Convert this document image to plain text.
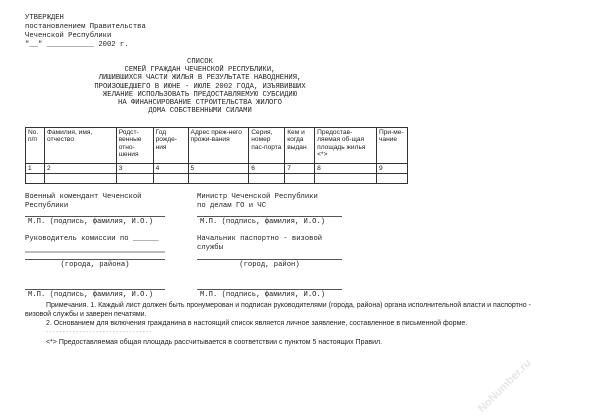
NoNumber.ru
УТВЕРЖДЕН
постановлением Правительства
Чеченской Республики
"__" ___________ 2002 г.
СПИСОК
СЕМЕЙ ГРАЖДАН ЧЕЧЕНСКОЙ РЕСПУБЛИКИ,
ЛИШИВШИХСЯ ЧАСТИ ЖИЛЬЯ В РЕЗУЛЬТАТЕ НАВОДНЕНИЯ,
ПРОИЗОШЕДШЕГО В ИЮНЕ - ИЮЛЕ 2002 ГОДА, ИЗЪЯВИВШИХ
ЖЕЛАНИЕ ИСПОЛЬЗОВАТЬ ПРЕДОСТАВЛЯЕМУЮ СУБСИДИЮ
НА ФИНАНСИРОВАНИЕ СТРОИТЕЛЬСТВА ЖИЛОГО
ДОМА СОБСТВЕННЫМИ СИЛАМИ
No. п/п	Фамилия, имя, отчество	Родст-венные отно-шения	Год рожде-ния	Адрес преж-него прожи-вания	Серия, номер пас-порта	Кем и когда выдан	Предостав-ляемая об-щая площадь жилья <*>	При-ме-чание
1	2	3	4	5	6	7	8	9

Военный комендант Чеченской
Республики
Министр Чеченской Республики
по делам ГО и ЧС
М.П. (подпись, фамилия, И.О.)	М.П. (подпись, фамилия, И.О.)
Руководитель комиссии по ______	Начальник паспортно - визовой
службы
(города, района)	(город, район)
М.П. (подпись, фамилия, И.О.)	М.П. (подпись, фамилия, И.О.)
Примечания. 1. Каждый лист должен быть пронумерован и подписан руководителями (города, района) органа исполнительной власти и паспортно -
визовой службы и заверен печатями.
2. Основанием для включения гражданина в настоящий список является личное заявление, составленное в письменной форме.
--------------------------------
<*> Предоставляемая общая площадь рассчитывается в соответствии с пунктом 5 настоящих Правил.
